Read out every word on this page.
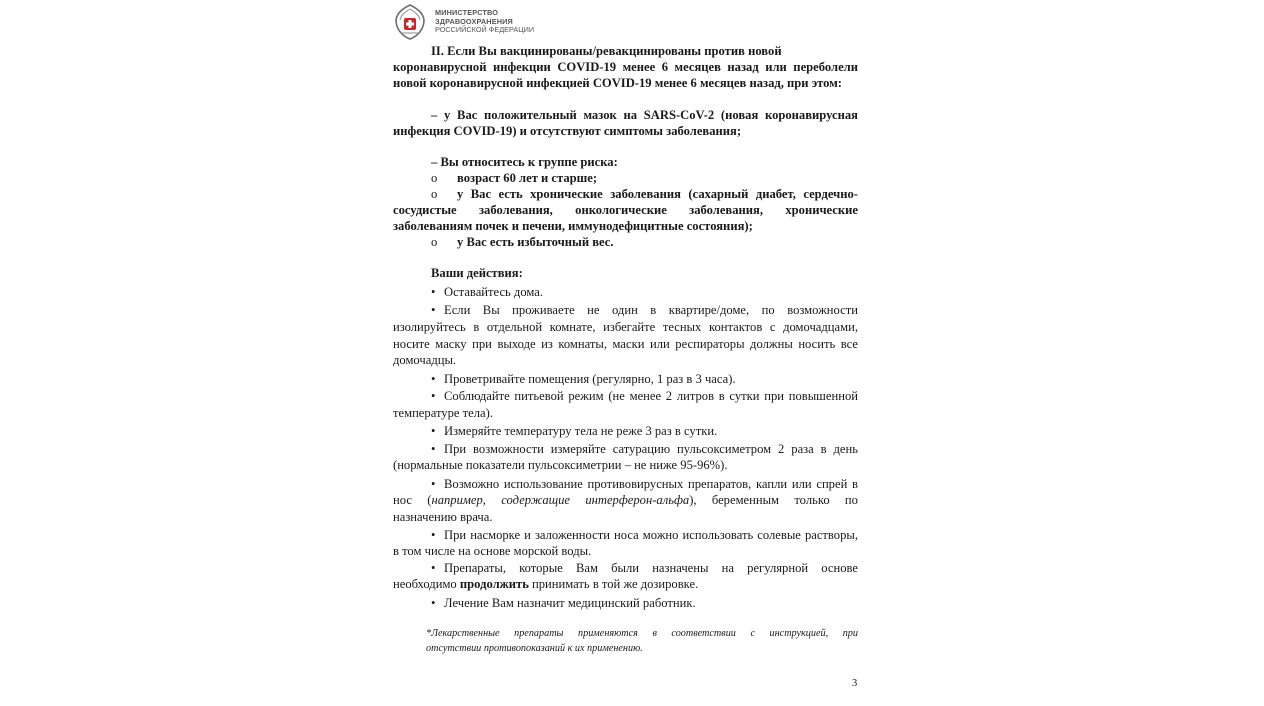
МИНИСТЕРСТВО
ЗДРАВООХРАНЕНИЯ
РОССИЙСКОЙ ФЕДЕРАЦИИ
II. Если Вы вакцинированы/ревакцинированы против новой
коронавирусной инфекции COVID-19 менее 6 месяцев назад или переболели
новой коронавирусной инфекцией COVID-19 менее 6 месяцев назад, при этом:
– у Вас положительный мазок на SARS-CoV-2 (новая коронавирусная
инфекция COVID-19) и отсутствуют симптомы заболевания;
– Вы относитесь к группе риска:
o возраст 60 лет и старше;
o у Вас есть хронические заболевания (сахарный диабет, сердечно-
сосудистые заболевания, онкологические заболевания, хронические
заболеваниям почек и печени, иммунодефицитные состояния);
o у Вас есть избыточный вес.
Ваши действия:
• Оставайтесь дома.
• Если Вы проживаете не один в квартире/доме, по возможности
изолируйтесь в отдельной комнате, избегайте тесных контактов с домочадцами,
носите маску при выходе из комнаты, маски или респираторы должны носить все
домочадцы.
• Проветривайте помещения (регулярно, 1 раз в 3 часа).
• Соблюдайте питьевой режим (не менее 2 литров в сутки при повышенной
температуре тела).
• Измеряйте температуру тела не реже 3 раз в сутки.
• При возможности измеряйте сатурацию пульсоксиметром 2 раза в день
(нормальные показатели пульсоксиметрии – не ниже 95-96%).
• Возможно использование противовирусных препаратов, капли или спрей в
нос (например, содержащие интерферон-альфа), беременным только по
назначению врача.
• При насморке и заложенности носа можно использовать солевые растворы,
в том числе на основе морской воды.
• Препараты, которые Вам были назначены на регулярной основе
необходимо продолжить принимать в той же дозировке.
• Лечение Вам назначит медицинский работник.
*Лекарственные препараты применяются в соответствии с инструкцией, при
отсутствии противопоказаний к их применению.
3
